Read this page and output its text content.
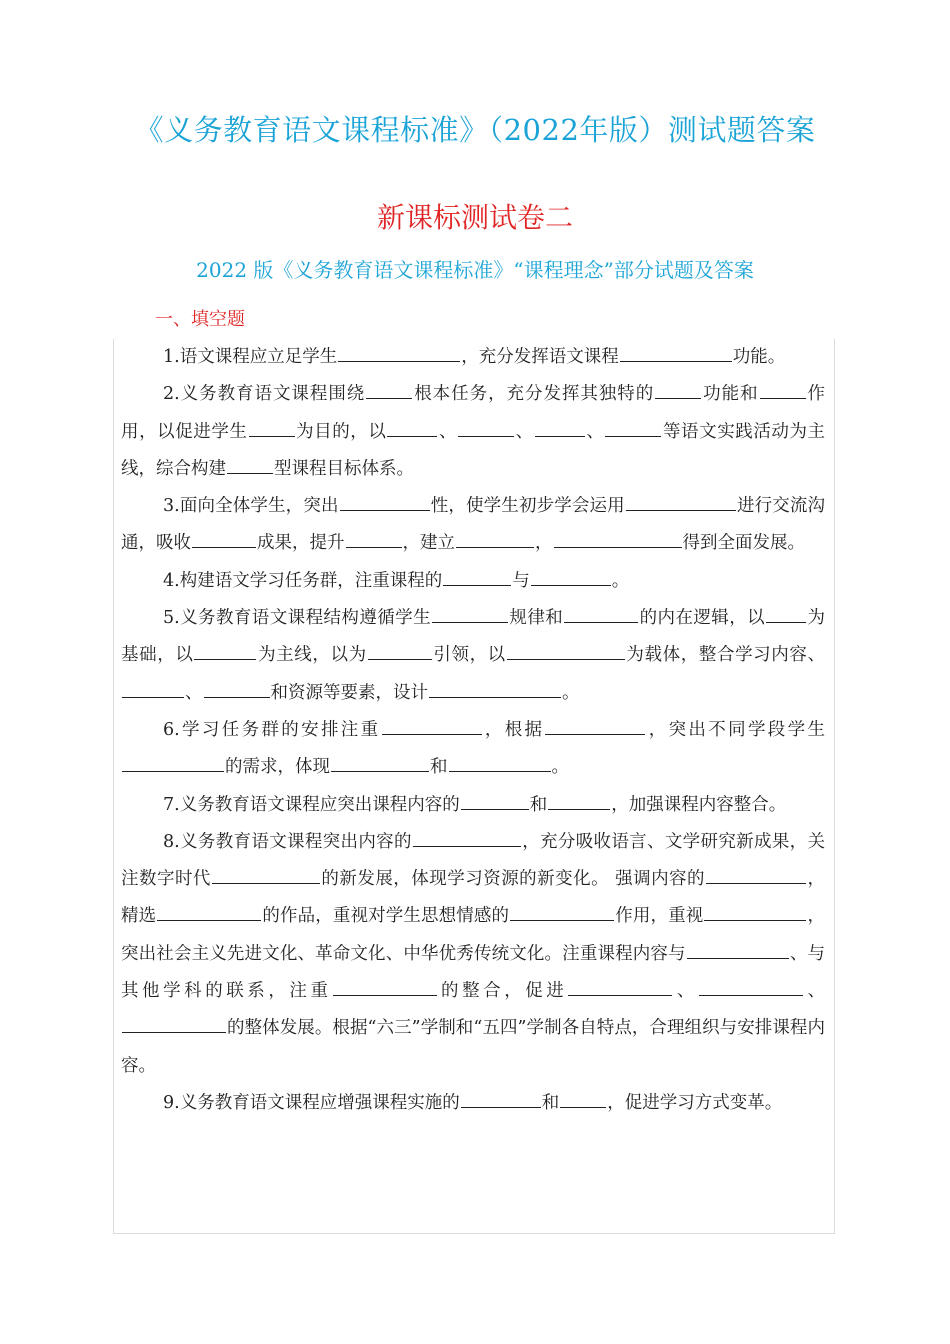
《义务教育语文课程标准》（2022年版）测试题答案
新课标测试卷二
2022 版《义务教育语文课程标准》“课程理念”部分试题及答案
一、填空题

1.语文课程应立足学生	，充分发挥语文课程	功能。

2.义务教育语文课程围绕	根本任务，充分发挥其独特的	功能和	作用，以促进学生	为目的，以	、	、	、	等语文实践活动为主线，综合构建	型课程目标体系。

3.面向全体学生，突出	性，使学生初步学会运用	进行交流沟通，吸收	成果，提升	，建立	，	得到全面发展。

4.构建语文学习任务群，注重课程的	与	。

5.义务教育语文课程结构遵循学生	规律和	的内在逻辑，以 为基础，以	为主线，以为	引领，以	为载体，整合学习内容、、	和资源等要素，设计	。

6.学习任务群的安排注重	，根据	，突出不同学段学生的需求，体现	和	。

7.义务教育语文课程应突出课程内容的	和	，加强课程内容整合。

8.义务教育语文课程突出内容的	，充分吸收语言、文学研究新成果，关注数字时代	的新发展，体现学习资源的新变化。 强调内容的	，精选	的作品，重视对学生思想情感的	作用，重视	，突出社会主义先进文化、革命文化、中华优秀传统文化。注重课程内容与	、与其他学科的联系，注重	的整合，促进	、	、的整体发展。根据“六三”学制和“五四”学制各自特点，合理组织与安排课程内容。

9.义务教育语文课程应增强课程实施的	和	，促进学习方式变革。
